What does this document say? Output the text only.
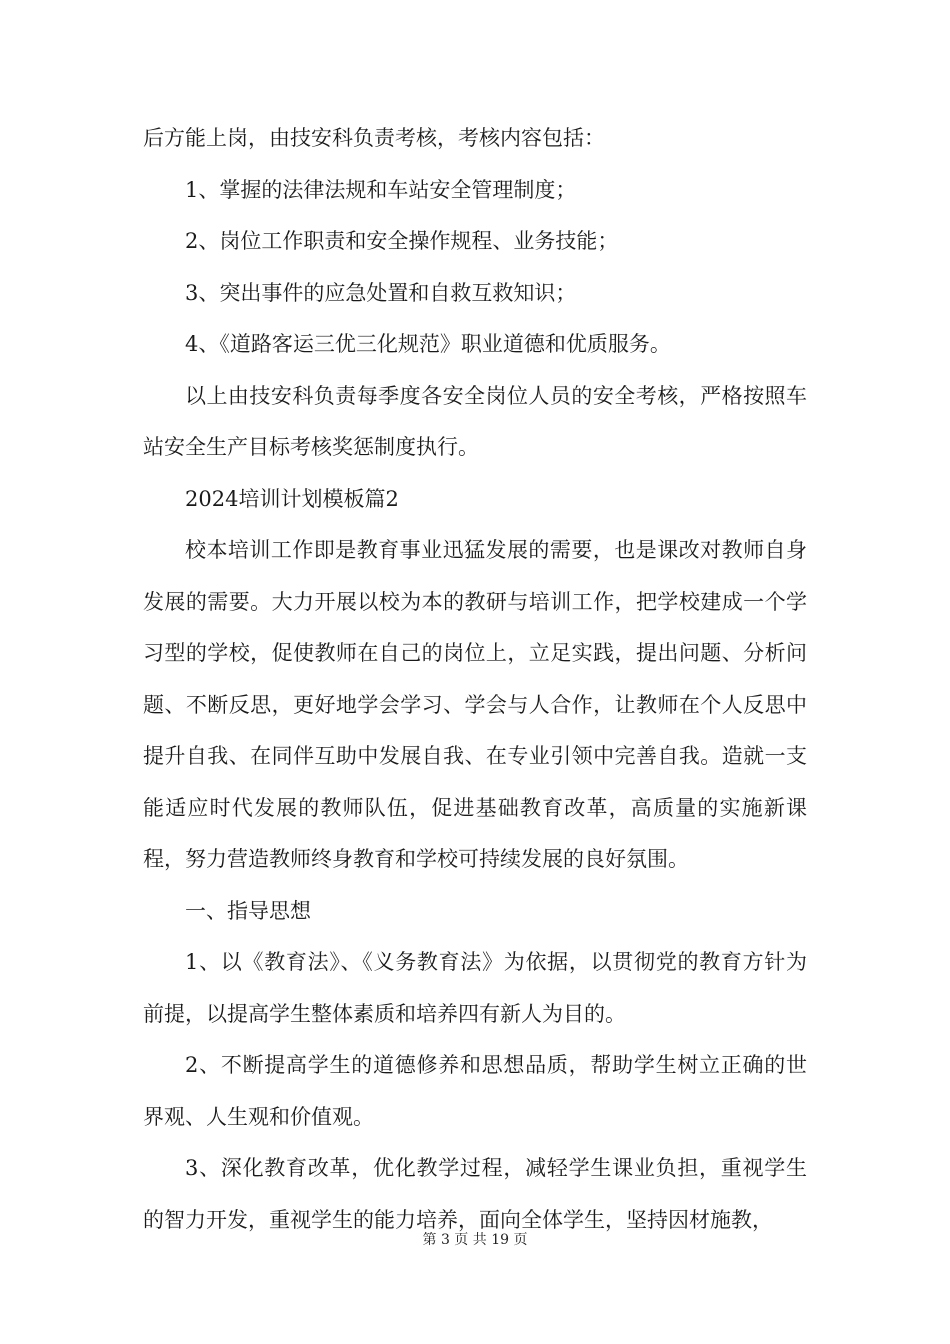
后方能上岗，由技安科负责考核，考核内容包括：

1、掌握的法律法规和车站安全管理制度；

2、岗位工作职责和安全操作规程、业务技能；

3、突出事件的应急处置和自救互救知识；

4、《道路客运三优三化规范》职业道德和优质服务。

以上由技安科负责每季度各安全岗位人员的安全考核，严格按照车站安全生产目标考核奖惩制度执行。

2024培训计划模板篇2

校本培训工作即是教育事业迅猛发展的需要，也是课改对教师自身发展的需要。大力开展以校为本的教研与培训工作，把学校建成一个学习型的学校，促使教师在自己的岗位上，立足实践，提出问题、分析问题、不断反思，更好地学会学习、学会与人合作，让教师在个人反思中提升自我、在同伴互助中发展自我、在专业引领中完善自我。造就一支能适应时代发展的教师队伍，促进基础教育改革，高质量的实施新课程，努力营造教师终身教育和学校可持续发展的良好氛围。

一、指导思想

1、以《教育法》、《义务教育法》为依据，以贯彻党的教育方针为前提，以提高学生整体素质和培养四有新人为目的。

2、不断提高学生的道德修养和思想品质，帮助学生树立正确的世界观、人生观和价值观。

3、深化教育改革，优化教学过程，减轻学生课业负担，重视学生的智力开发，重视学生的能力培养，面向全体学生，坚持因材施教，

第 3 页 共 19 页
